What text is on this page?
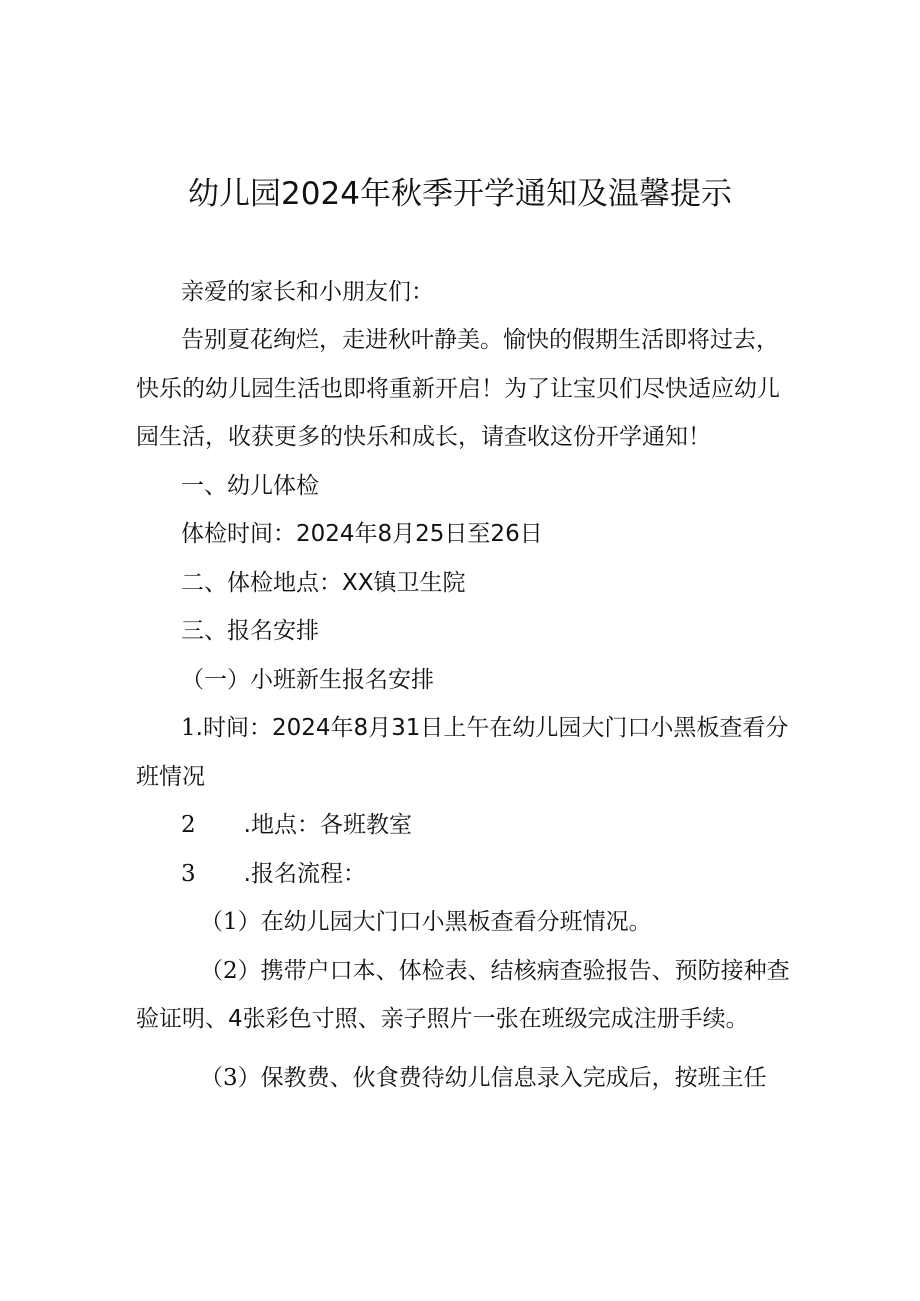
幼儿园2024年秋季开学通知及温馨提示
亲爱的家长和小朋友们：
告别夏花绚烂，走进秋叶静美。愉快的假期生活即将过去，
快乐的幼儿园生活也即将重新开启！为了让宝贝们尽快适应幼儿
园生活，收获更多的快乐和成长，请查收这份开学通知！
一、幼儿体检
体检时间：2024年8月25日至26日
二、体检地点：XX镇卫生院
三、报名安排
（一）小班新生报名安排
1.时间：2024年8月31日上午在幼儿园大门口小黑板查看分
班情况
2 .地点：各班教室
3 .报名流程：
（1）在幼儿园大门口小黑板查看分班情况。
（2）携带户口本、体检表、结核病查验报告、预防接种查
验证明、4张彩色寸照、亲子照片一张在班级完成注册手续。
（3）保教费、伙食费待幼儿信息录入完成后，按班主任
